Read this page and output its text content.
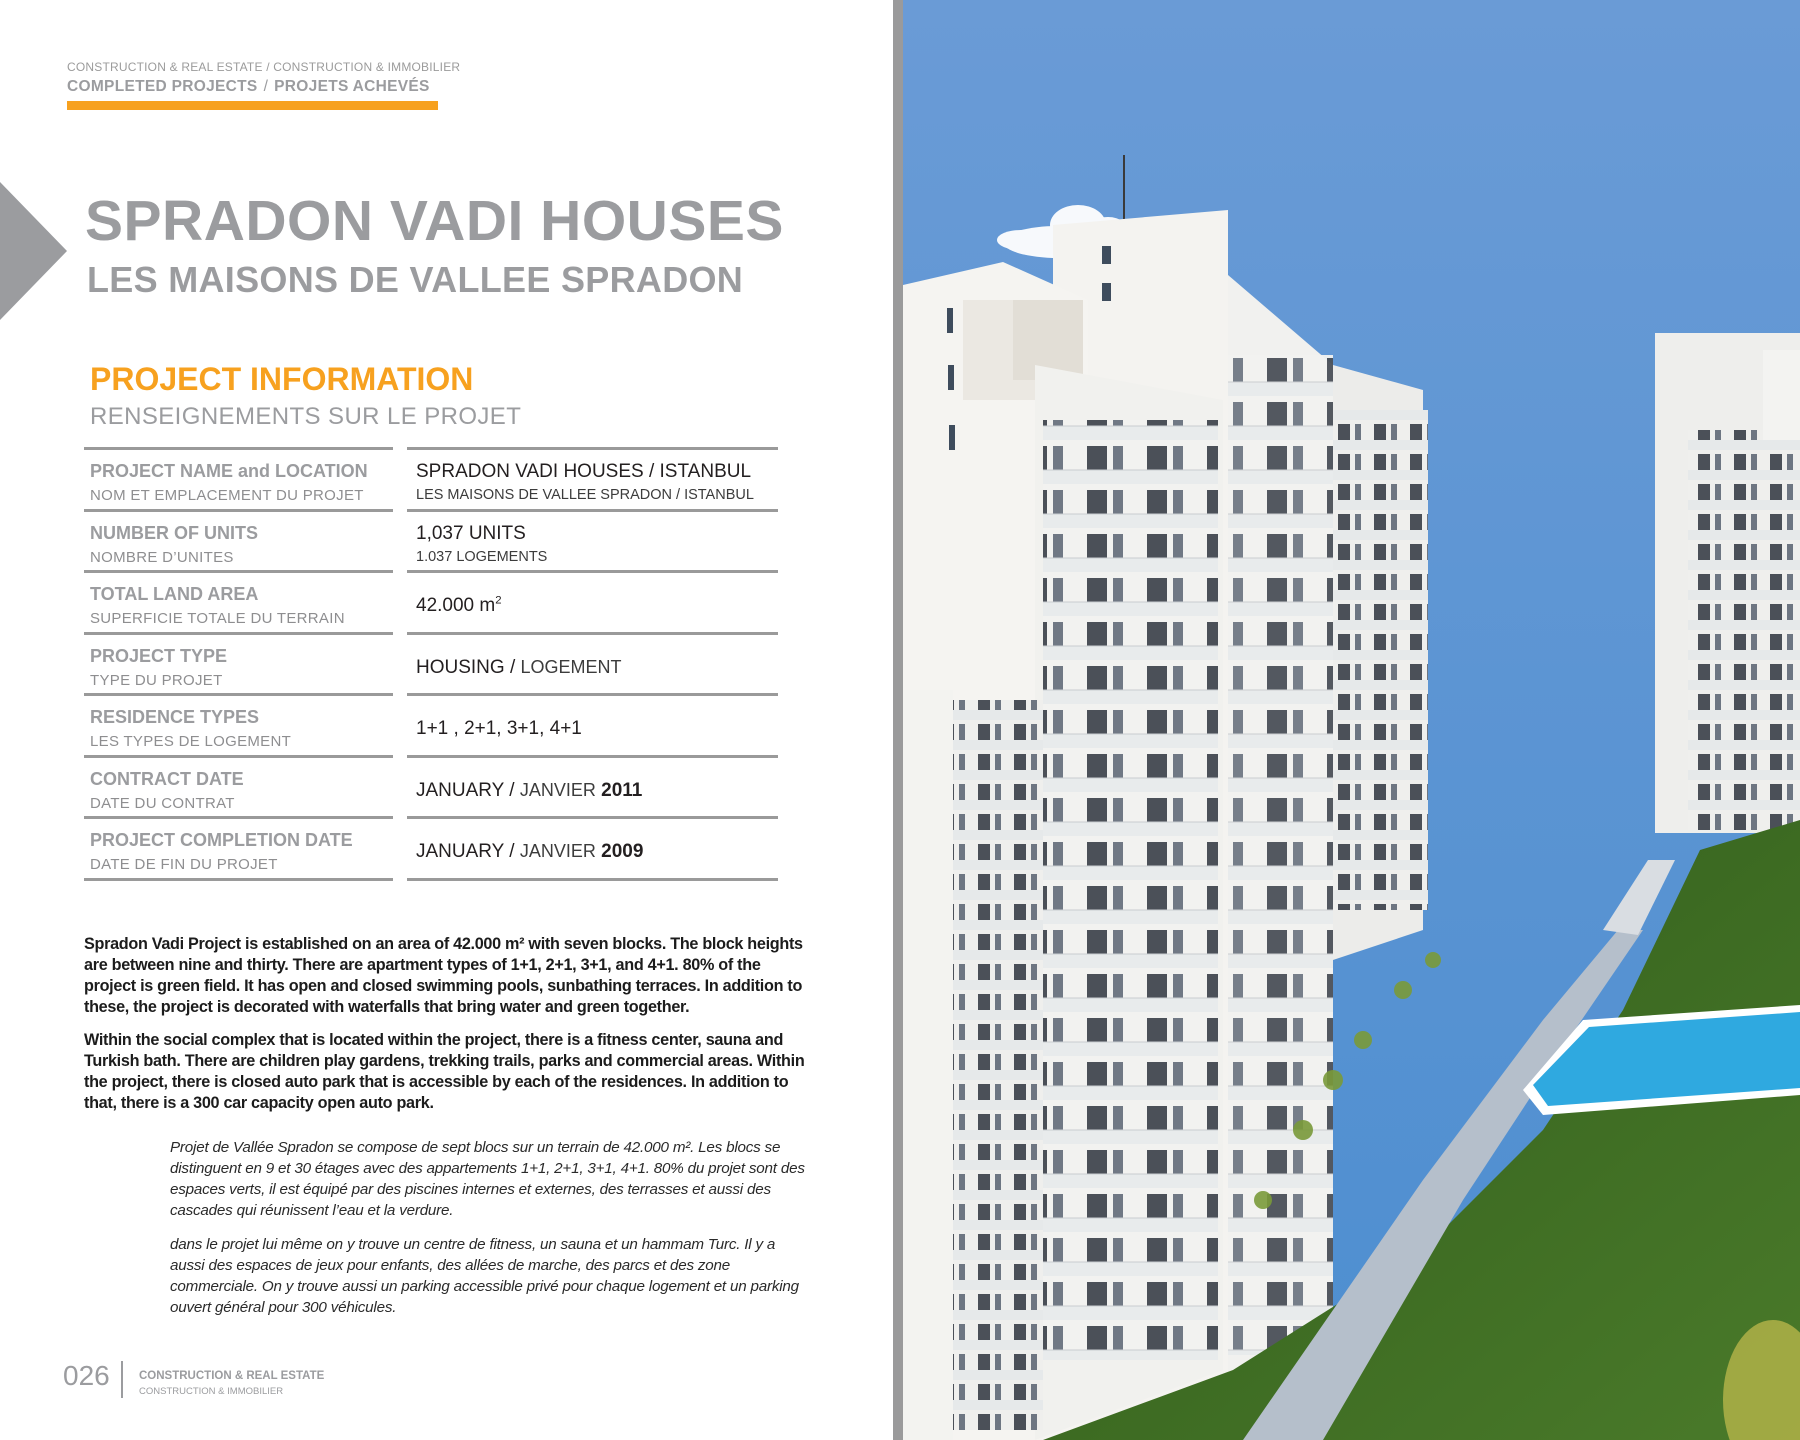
CONSTRUCTION & REAL ESTATE / CONSTRUCTION & IMMOBILIER
COMPLETED PROJECTS / PROJETS ACHEVÉS
SPRADON VADI HOUSES
LES MAISONS DE VALLEE SPRADON
PROJECT INFORMATION
RENSEIGNEMENTS SUR LE PROJET
PROJECT NAME and LOCATION
NOM ET EMPLACEMENT DU PROJET
SPRADON VADI HOUSES / ISTANBUL
LES MAISONS DE VALLEE SPRADON / ISTANBUL
NUMBER OF UNITS
NOMBRE D’UNITES
1,037 UNITS
1.037 LOGEMENTS
TOTAL LAND AREA
SUPERFICIE TOTALE DU TERRAIN
42.000 $m^2$
PROJECT TYPE
TYPE DU PROJET
HOUSING / LOGEMENT
RESIDENCE TYPES
LES TYPES DE LOGEMENT
1+1 , 2+1, 3+1, 4+1
CONTRACT DATE
DATE DU CONTRAT
JANUARY / JANVIER 2011
PROJECT COMPLETION DATE
DATE DE FIN DU PROJET
JANUARY / JANVIER 2009

Spradon Vadi Project is established on an area of 42.000 m² with seven blocks. The block heights are between nine and thirty. There are apartment types of 1+1, 2+1, 3+1, and 4+1. 80% of the project is green field. It has open and closed swimming pools, sunbathing terraces. In addition to these, the project is decorated with waterfalls that bring water and green together.

Within the social complex that is located within the project, there is a fitness center, sauna and Turkish bath. There are children play gardens, trekking trails, parks and commercial areas. Within the project, there is closed auto park that is accessible by each of the residences. In addition to that, there is a 300 car capacity open auto park.

Projet de Vallée Spradon se compose de sept blocs sur un terrain de 42.000 m². Les blocs se distinguent en 9 et 30 étages avec des appartements 1+1, 2+1, 3+1, 4+1. 80% du projet sont des espaces verts, il est équipé par des piscines internes et externes, des terrasses et aussi des cascades qui réunissent l’eau et la verdure.

dans le projet lui même on y trouve un centre de fitness, un sauna et un hammam Turc. Il y a aussi des espaces de jeux pour enfants, des allées de marche, des parcs et des zone commerciale. On y trouve aussi un parking accessible privé pour chaque logement et un parking ouvert général pour 300 véhicules.

026	CONSTRUCTION & REAL ESTATE
CONSTRUCTION & IMMOBILIER
